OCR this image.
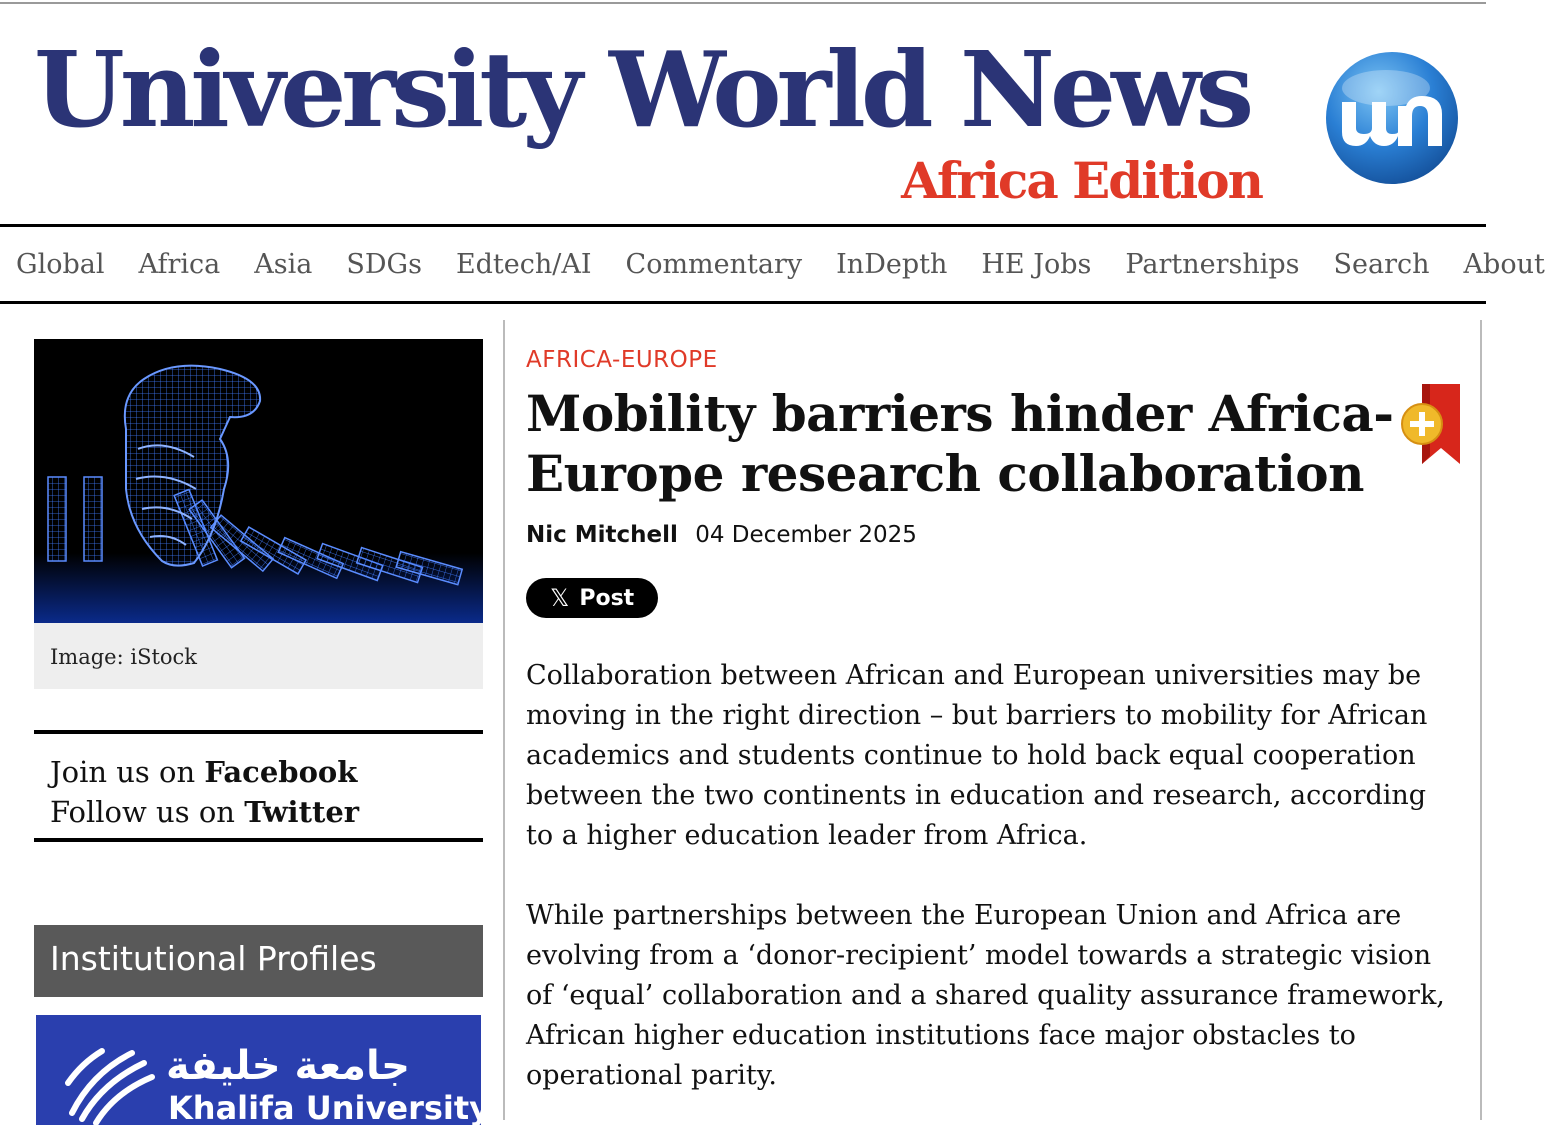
University World News
Africa Edition
Global	Africa	Asia	SDGs	Edtech/AI	Commentary	InDepth	HE Jobs	Partnerships	Search	About
Image: iStock
Join us on Facebook
Follow us on Twitter
Institutional Profiles
جامعة خليفة
Khalifa University
AFRICA-EUROPE
Mobility barriers hinder Africa-Europe research collaboration
Nic Mitchell 04 December 2025
𝕏 Post

Collaboration between African and European universities may be moving in the right direction – but barriers to mobility for African academics and students continue to hold back equal cooperation between the two continents in education and research, according to a higher education leader from Africa.

While partnerships between the European Union and Africa are evolving from a ‘donor-recipient’ model towards a strategic vision of ‘equal’ collaboration and a shared quality assurance framework, African higher education institutions face major obstacles to operational parity.
